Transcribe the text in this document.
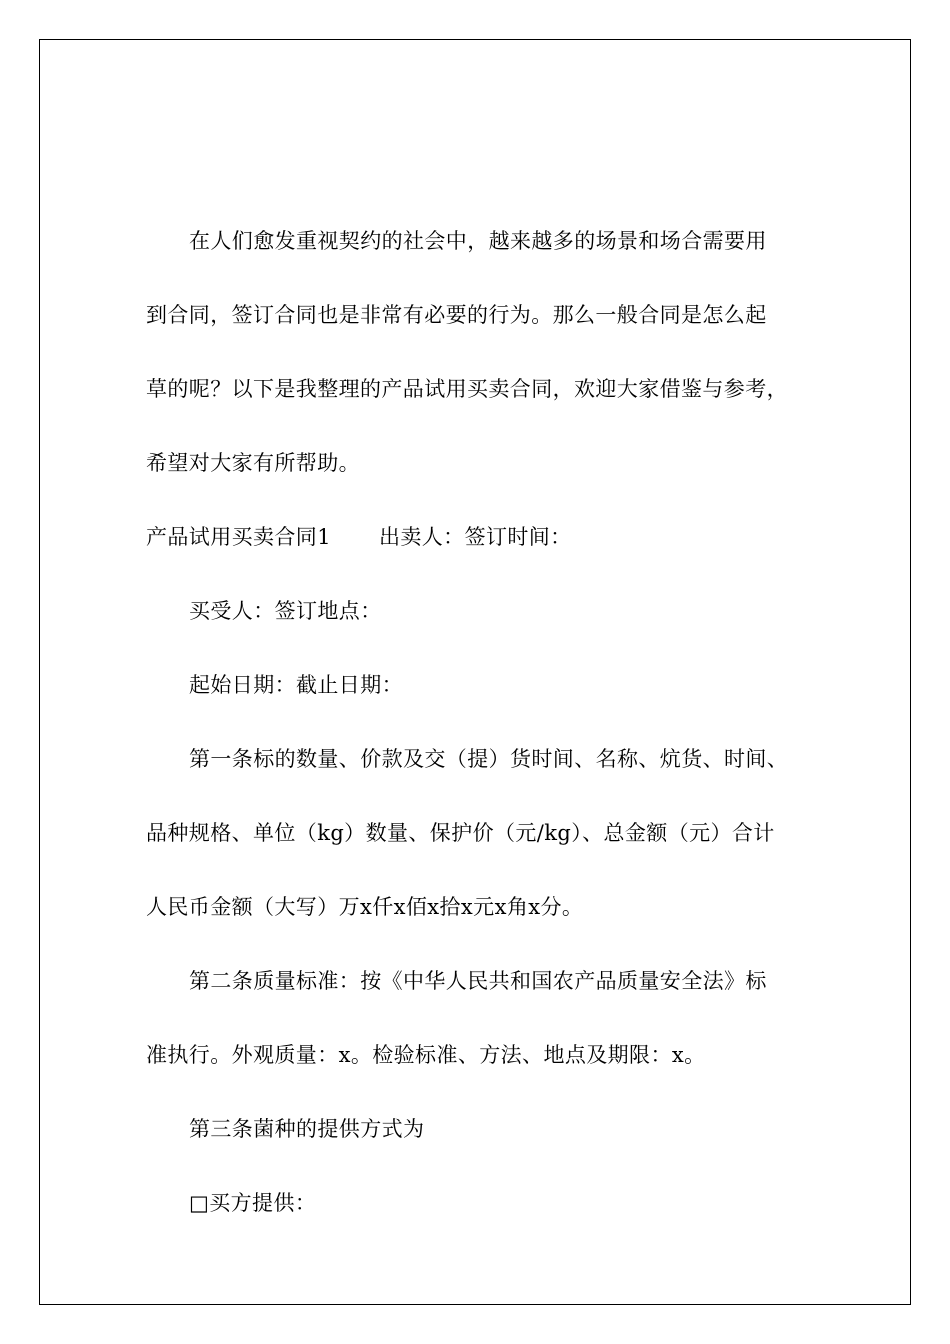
在人们愈发重视契约的社会中，越来越多的场景和场合需要用
到合同，签订合同也是非常有必要的行为。那么一般合同是怎么起
草的呢？以下是我整理的产品试用买卖合同，欢迎大家借鉴与参考，
希望对大家有所帮助。
产品试用买卖合同1 出卖人：签订时间：
买受人：签订地点：
起始日期：截止日期：
第一条标的数量、价款及交（提）货时间、名称、炕货、时间、
品种规格、单位（kg）数量、保护价（元/kg）、总金额（元）合计
人民币金额（大写）万x仟x佰x拾x元x角x分。
第二条质量标准：按《中华人民共和国农产品质量安全法》标
准执行。外观质量：x。检验标准、方法、地点及期限：x。
第三条菌种的提供方式为
□买方提供：
